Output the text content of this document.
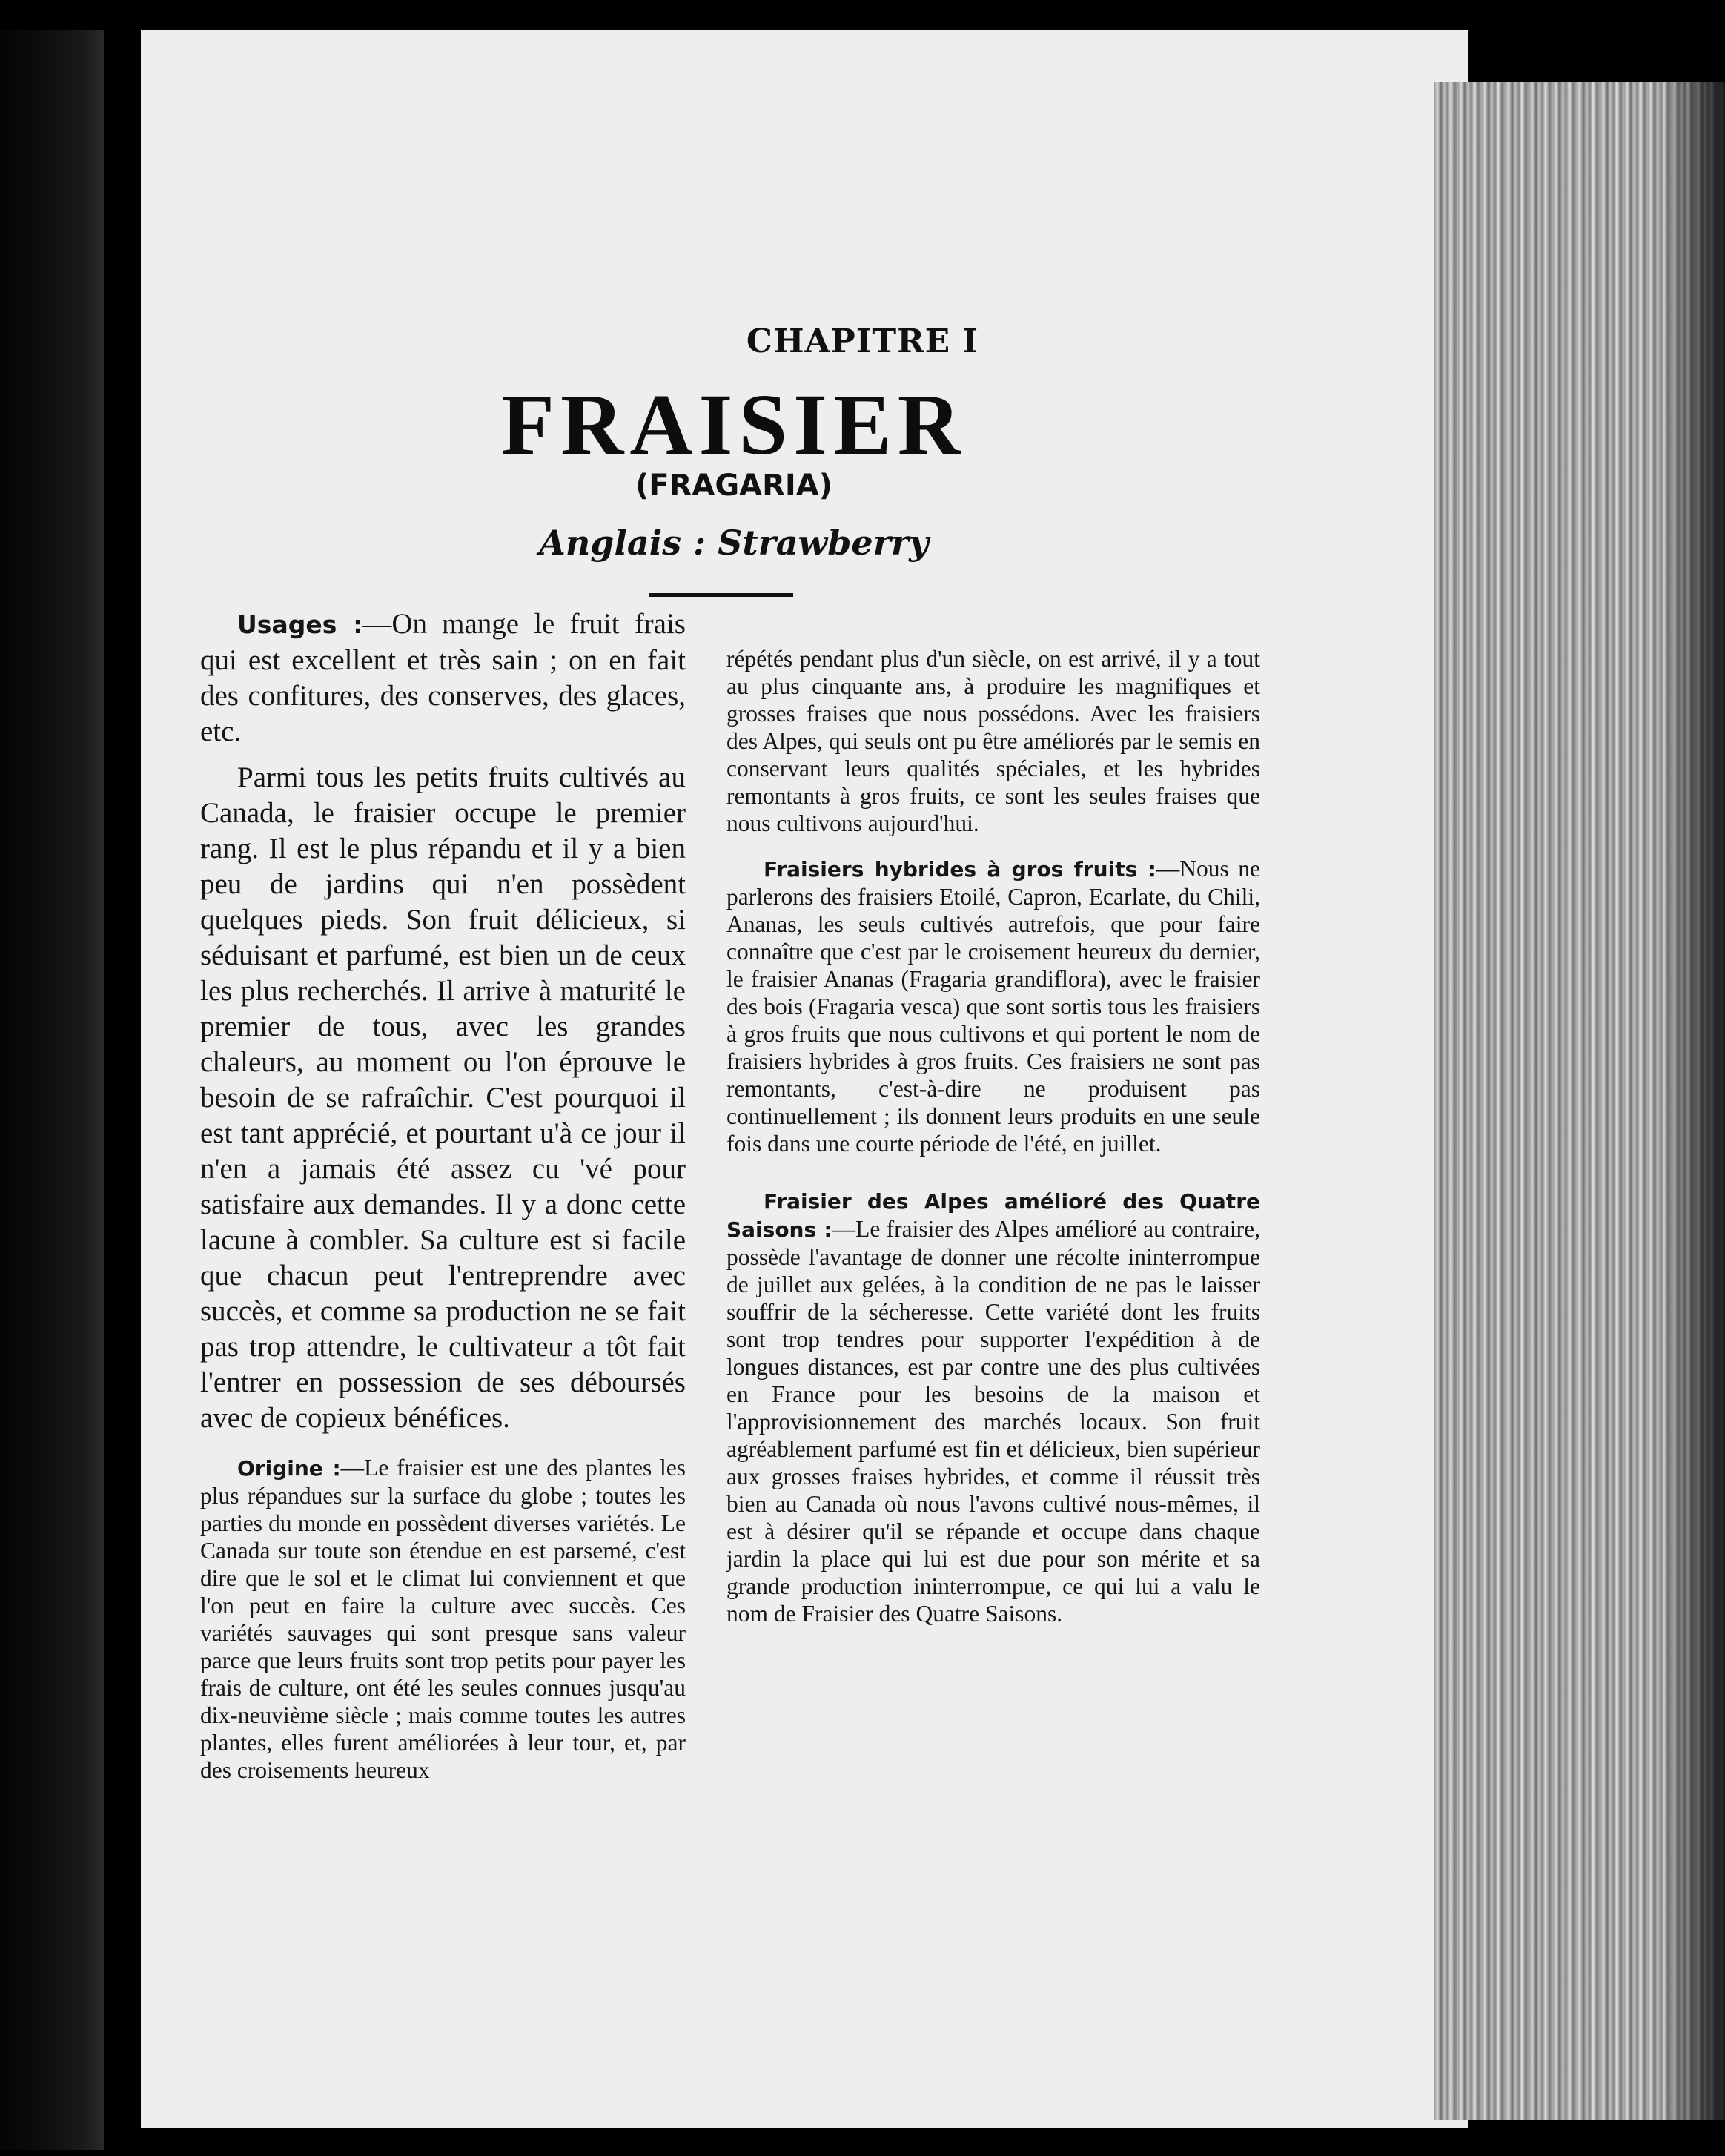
CHAPITRE I
FRAISIER
(FRAGARIA)
Anglais : Strawberry

Usages :—On mange le fruit frais qui est excellent et très sain ; on en fait des confitures, des conserves, des glaces, etc.

Parmi tous les petits fruits cultivés au Canada, le fraisier occupe le premier rang. Il est le plus répandu et il y a bien peu de jardins qui n'en possèdent quelques pieds. Son fruit délicieux, si séduisant et parfumé, est bien un de ceux les plus recherchés. Il arrive à maturité le premier de tous, avec les grandes chaleurs, au moment ou l'on éprouve le besoin de se rafraîchir. C'est pourquoi il est tant apprécié, et pourtant u'à ce jour il n'en a jamais été assez cu 'vé pour satisfaire aux demandes. Il y a donc cette lacune à combler. Sa culture est si facile que chacun peut l'entreprendre avec succès, et comme sa production ne se fait pas trop attendre, le cultivateur a tôt fait l'entrer en possession de ses déboursés avec de copieux bénéfices.

Origine :—Le fraisier est une des plantes les plus répandues sur la surface du globe ; toutes les parties du monde en possèdent diverses variétés. Le Canada sur toute son étendue en est parsemé, c'est dire que le sol et le climat lui conviennent et que l'on peut en faire la culture avec succès. Ces variétés sauvages qui sont presque sans valeur parce que leurs fruits sont trop petits pour payer les frais de culture, ont été les seules connues jusqu'au dix-neuvième siècle ; mais comme toutes les autres plantes, elles furent améliorées à leur tour, et, par des croisements heureux

répétés pendant plus d'un siècle, on est arrivé, il y a tout au plus cinquante ans, à produire les magnifiques et grosses fraises que nous possédons. Avec les fraisiers des Alpes, qui seuls ont pu être améliorés par le semis en conservant leurs qualités spéciales, et les hybrides remontants à gros fruits, ce sont les seules fraises que nous cultivons aujourd'hui.

Fraisiers hybrides à gros fruits :—Nous ne parlerons des fraisiers Etoilé, Capron, Ecarlate, du Chili, Ananas, les seuls cultivés autrefois, que pour faire connaître que c'est par le croisement heureux du dernier, le fraisier Ananas (Fragaria grandiflora), avec le fraisier des bois (Fragaria vesca) que sont sortis tous les fraisiers à gros fruits que nous cultivons et qui portent le nom de fraisiers hybrides à gros fruits. Ces fraisiers ne sont pas remontants, c'est-à-dire ne produisent pas continuellement ; ils donnent leurs produits en une seule fois dans une courte période de l'été, en juillet.

Fraisier des Alpes amélioré des Quatre Saisons :—Le fraisier des Alpes amélioré au contraire, possède l'avantage de donner une récolte ininterrompue de juillet aux gelées, à la condition de ne pas le laisser souffrir de la sécheresse. Cette variété dont les fruits sont trop tendres pour supporter l'expédition à de longues distances, est par contre une des plus cultivées en France pour les besoins de la maison et l'approvisionnement des marchés locaux. Son fruit agréablement parfumé est fin et délicieux, bien supérieur aux grosses fraises hybrides, et comme il réussit très bien au Canada où nous l'avons cultivé nous-mêmes, il est à désirer qu'il se répande et occupe dans chaque jardin la place qui lui est due pour son mérite et sa grande production ininterrompue, ce qui lui a valu le nom de Fraisier des Quatre Saisons.
